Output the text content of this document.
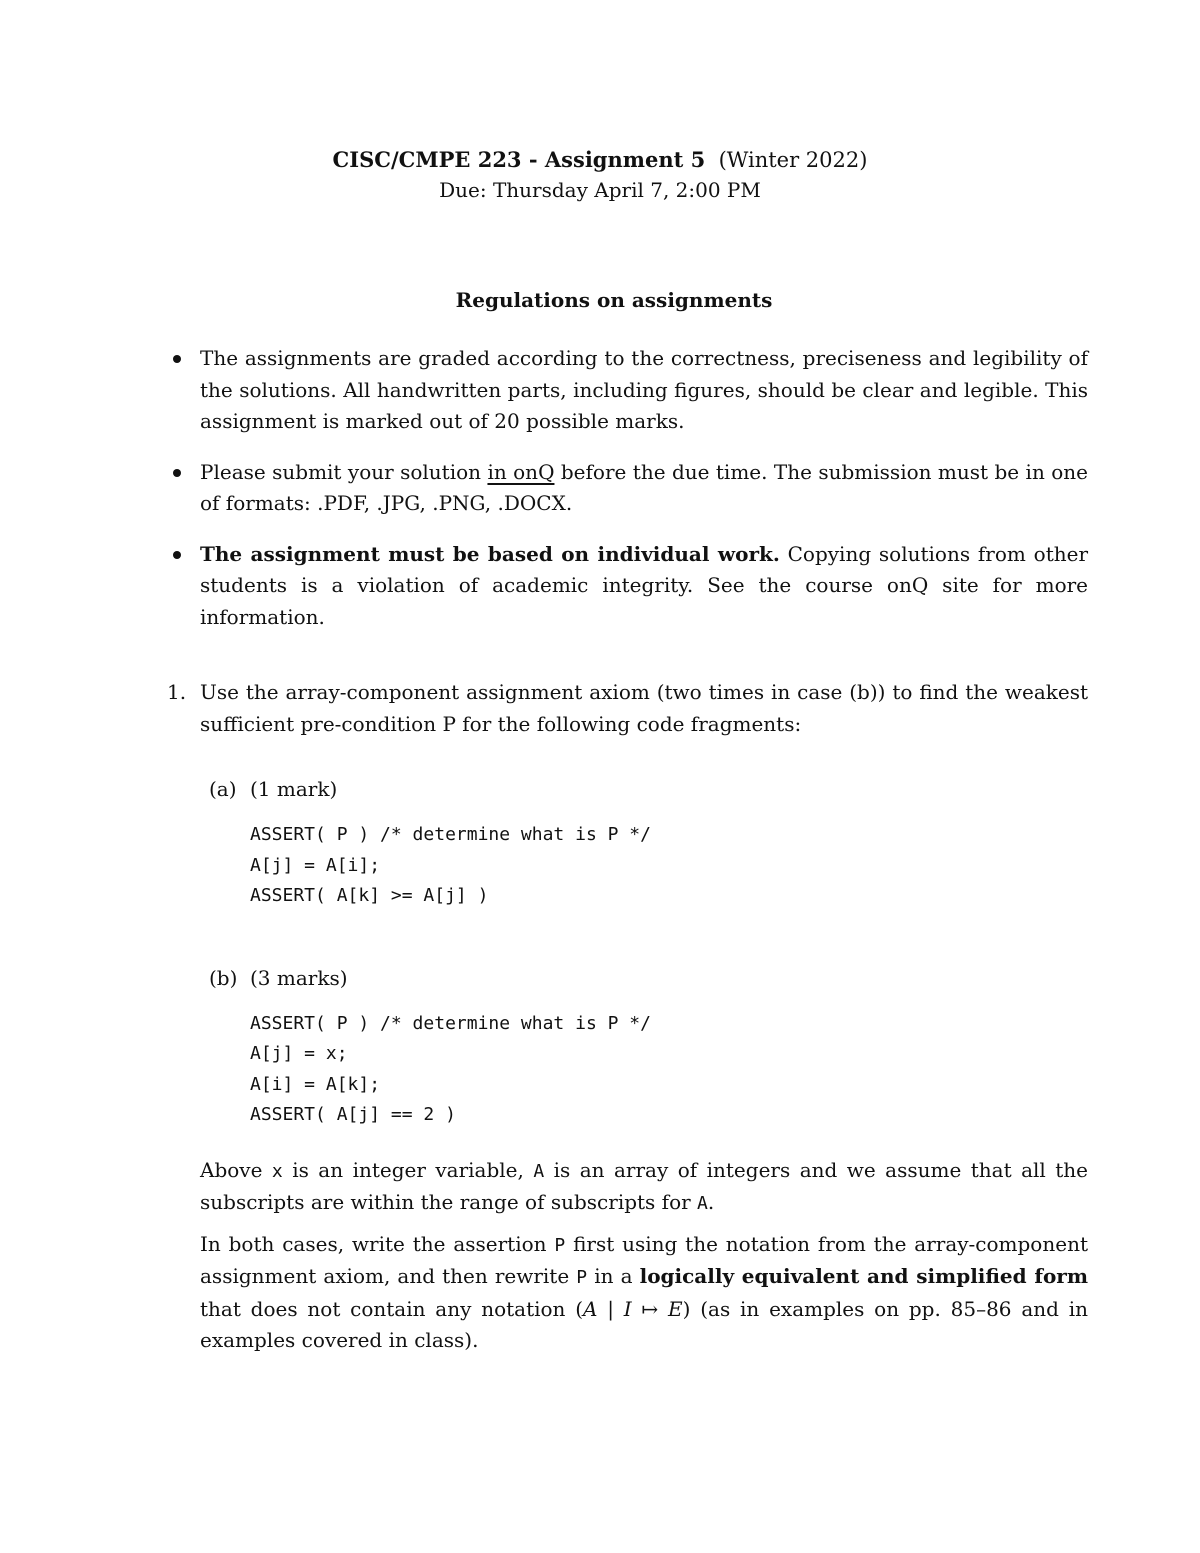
CISC/CMPE 223 - Assignment 5 (Winter 2022)
Due: Thursday April 7, 2:00 PM
Regulations on assignments
The assignments are graded according to the correctness, preciseness and legibility of the solutions. All handwritten parts, including figures, should be clear and legible. This assignment is marked out of 20 possible marks.
Please submit your solution in onQ before the due time. The submission must be in one of formats: .PDF, .JPG, .PNG, .DOCX.
The assignment must be based on individual work. Copying solutions from other students is a violation of academic integrity. See the course onQ site for more information.
1. Use the array-component assignment axiom (two times in case (b)) to find the weakest sufficient pre-condition P for the following code fragments:
(a) (1 mark)
ASSERT( P ) /* determine what is P */
A[j] = A[i];
ASSERT( A[k] >= A[j] )
(b) (3 marks)
ASSERT( P ) /* determine what is P */
A[j] = x;
A[i] = A[k];
ASSERT( A[j] == 2 )
Above x is an integer variable, A is an array of integers and we assume that all the subscripts are within the range of subscripts for A.
In both cases, write the assertion P first using the notation from the array-component assignment axiom, and then rewrite P in a logically equivalent and simplified form that does not contain any notation (A | I ↦ E) (as in examples on pp. 85–86 and in examples covered in class).
